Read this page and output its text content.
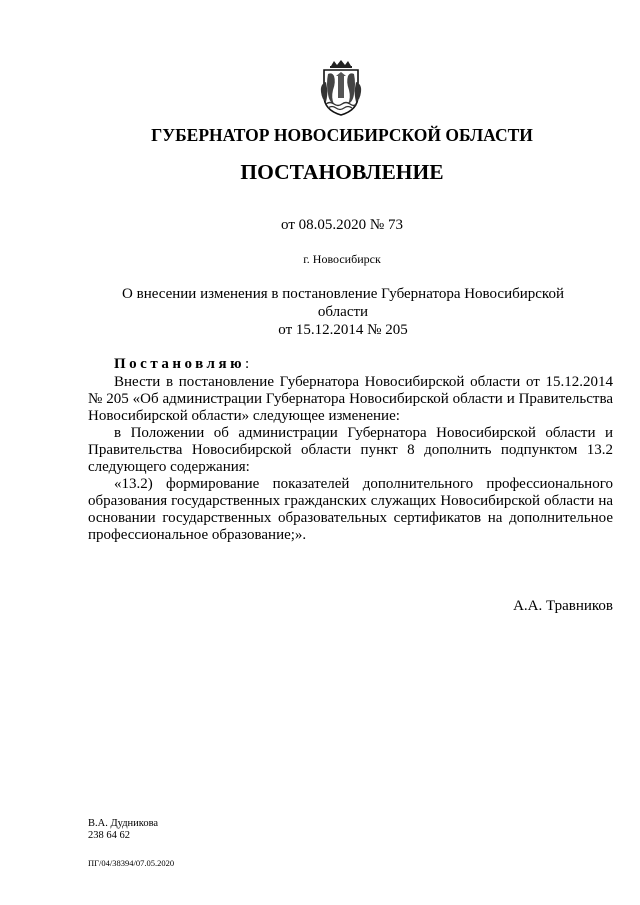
ГУБЕРНАТОР НОВОСИБИРСКОЙ ОБЛАСТИ
ПОСТАНОВЛЕНИЕ
от 08.05.2020 № 73
г. Новосибирск
О внесении изменения в постановление Губернатора Новосибирской области
от 15.12.2014 № 205
Постановляю:

Внести в постановление Губернатора Новосибирской области от 15.12.2014 № 205 «Об администрации Губернатора Новосибирской области и Правительства Новосибирской области» следующее изменение:

в Положении об администрации Губернатора Новосибирской области и Правительства Новосибирской области пункт 8 дополнить подпунктом 13.2 следующего содержания:

«13.2) формирование показателей дополнительного профессионального образования государственных гражданских служащих Новосибирской области на основании государственных образовательных сертификатов на дополнительное профессиональное образование;».

А.А. Травников
В.А. Дудникова
238 64 62
ПГ/04/38394/07.05.2020
